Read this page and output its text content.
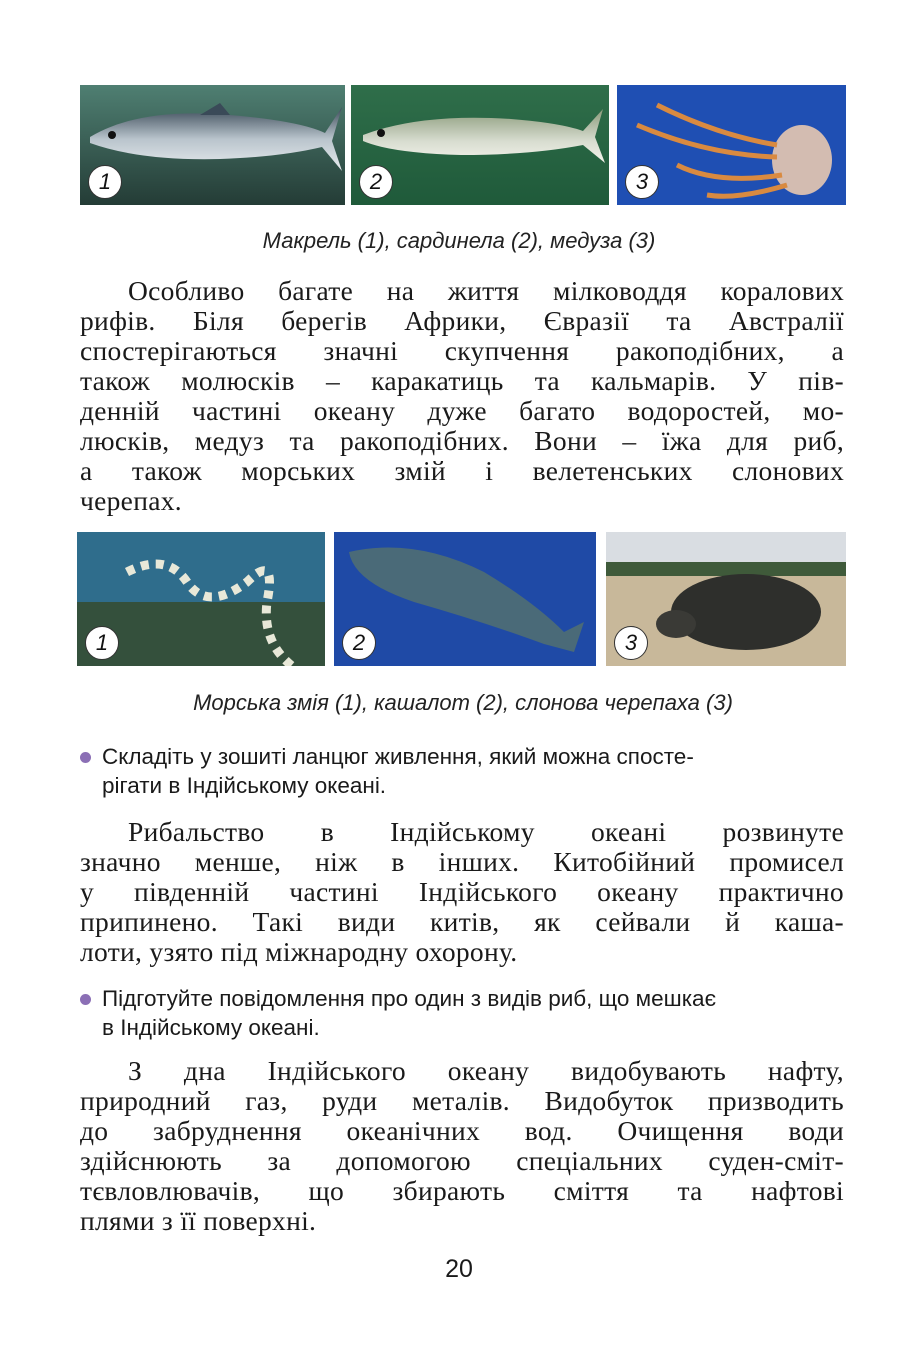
1	2	3
Макрель (1), сардинела (2), медуза (3)
Особливо багате на життя мілководдя коралових
рифів. Біля берегів Африки, Євразії та Австралії
спостерігаються значні скупчення ракоподібних, а
також молюсків – каракатиць та кальмарів. У пів-
денній частині океану дуже багато водоростей, мо-
люсків, медуз та ракоподібних. Вони – їжа для риб,
а також морських змій і велетенських слонових
черепах.
1	2	3
Морська змія (1), кашалот (2), слонова черепаха (3)
Складіть у зошиті ланцюг живлення, який можна спосте-
рігати в Індійському океані.
Рибальство в Індійському океані розвинуте
значно менше, ніж в інших. Китобійний промисел
у південній частині Індійського океану практично
припинено. Такі види китів, як сейвали й каша-
лоти, узято під міжнародну охорону.
Підготуйте повідомлення про один з видів риб, що мешкає
в Індійському океані.
З дна Індійського океану видобувають нафту,
природний газ, руди металів. Видобуток призводить
до забруднення океанічних вод. Очищення води
здійснюють за допомогою спеціальних суден-смiт-
тєвловлювачів, що збирають сміття та нафтові
плями з її поверхні.
20
